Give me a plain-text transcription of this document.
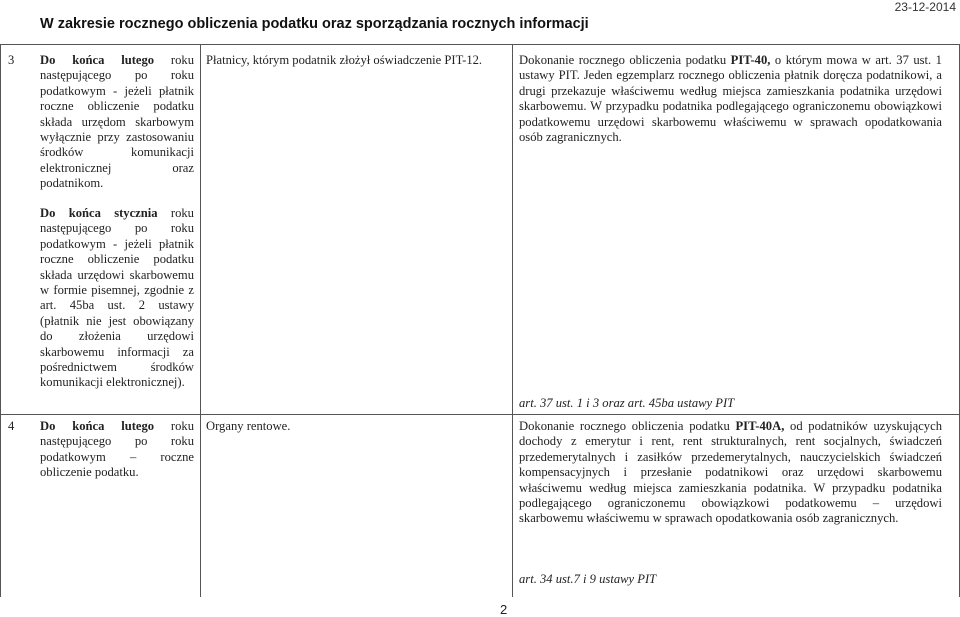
23-12-2014
W zakresie rocznego obliczenia podatku oraz sporządzania rocznych informacji
3 Do końca lutego roku następującego po roku podatkowym - jeżeli płatnik roczne obliczenie podatku składa urzędom skarbowym wyłącznie przy zastosowaniu środków komunikacji elektronicznej oraz podatnikom.
Do końca stycznia roku następującego po roku podatkowym - jeżeli płatnik roczne obliczenie podatku składa urzędowi skarbowemu w formie pisemnej, zgodnie z art. 45ba ust. 2 ustawy (płatnik nie jest obowiązany do złożenia urzędowi skarbowemu informacji za pośrednictwem środków komunikacji elektronicznej).
Płatnicy, którym podatnik złożył oświadczenie PIT-12.	Dokonanie rocznego obliczenia podatku PIT-40, o którym mowa w art. 37 ust. 1 ustawy PIT. Jeden egzemplarz rocznego obliczenia płatnik doręcza podatnikowi, a drugi przekazuje właściwemu według miejsca zamieszkania podatnika urzędowi skarbowemu. W przypadku podatnika podlegającego ograniczonemu obowiązkowi podatkowemu urzędowi skarbowemu właściwemu w sprawach opodatkowania osób zagranicznych.
art. 37 ust. 1 i 3 oraz art. 45ba ustawy PIT
4 Do końca lutego roku następującego po roku podatkowym – roczne obliczenie podatku.
Organy rentowe.	Dokonanie rocznego obliczenia podatku PIT-40A, od podatników uzyskujących dochody z emerytur i rent, rent strukturalnych, rent socjalnych, świadczeń przedemerytalnych i zasiłków przedemerytalnych, nauczycielskich świadczeń kompensacyjnych i przesłanie podatnikowi oraz urzędowi skarbowemu właściwemu według miejsca zamieszkania podatnika. W przypadku podatnika podlegającego ograniczonemu obowiązkowi podatkowemu – urzędowi skarbowemu właściwemu w sprawach opodatkowania osób zagranicznych.
art. 34 ust.7 i 9 ustawy PIT
2
